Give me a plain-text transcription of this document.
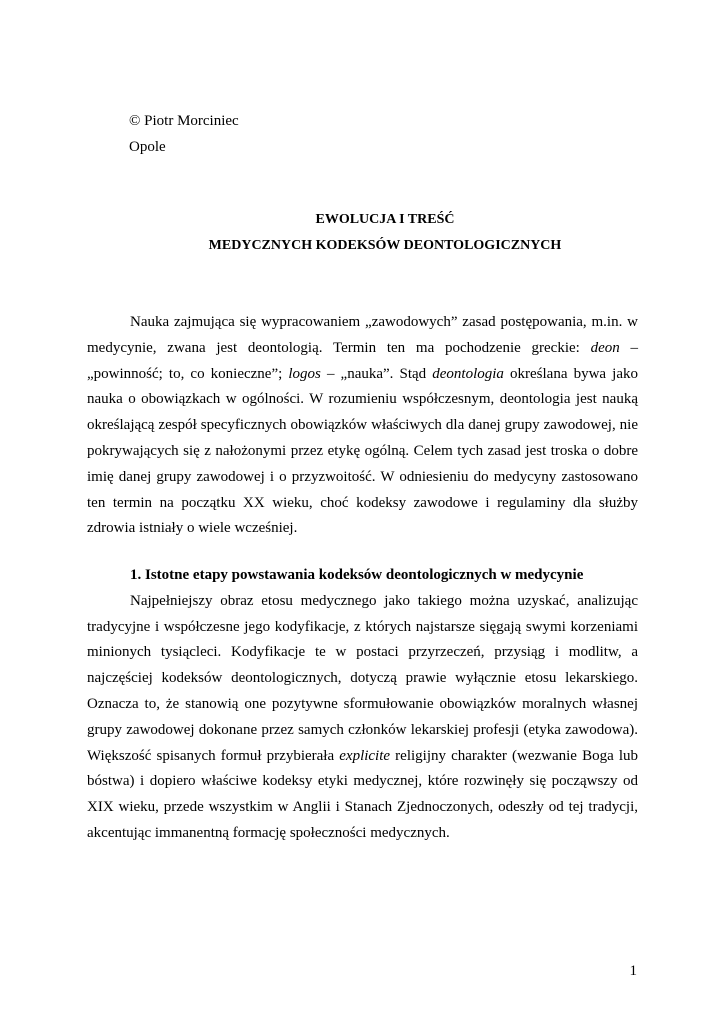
© Piotr Morciniec
Opole
EWOLUCJA I TREŚĆ
MEDYCZNYCH KODEKSÓW DEONTOLOGICZNYCH

Nauka zajmująca się wypracowaniem „zawodowych” zasad postępowania, m.in. w medycynie, zwana jest deontologią. Termin ten ma pochodzenie greckie: deon – „powinność; to, co konieczne”; logos – „nauka”. Stąd deontologia określana bywa jako nauka o obowiązkach w ogólności. W rozumieniu współczesnym, deontologia jest nauką określającą zespół specyficznych obowiązków właściwych dla danej grupy zawodowej, nie pokrywających się z nałożonymi przez etykę ogólną. Celem tych zasad jest troska o dobre imię danej grupy zawodowej i o przyzwoitość. W odniesieniu do medycyny zastosowano ten termin na początku XX wieku, choć kodeksy zawodowe i regulaminy dla służby zdrowia istniały o wiele wcześniej.

1. Istotne etapy powstawania kodeksów deontologicznych w medycynie

Najpełniejszy obraz etosu medycznego jako takiego można uzyskać, analizując tradycyjne i współczesne jego kodyfikacje, z których najstarsze sięgają swymi korzeniami minionych tysiącleci. Kodyfikacje te w postaci przyrzeczeń, przysiąg i modlitw, a najczęściej kodeksów deontologicznych, dotyczą prawie wyłącznie etosu lekarskiego. Oznacza to, że stanowią one pozytywne sformułowanie obowiązków moralnych własnej grupy zawodowej dokonane przez samych członków lekarskiej profesji (etyka zawodowa). Większość spisanych formuł przybierała explicite religijny charakter (wezwanie Boga lub bóstwa) i dopiero właściwe kodeksy etyki medycznej, które rozwinęły się począwszy od XIX wieku, przede wszystkim w Anglii i Stanach Zjednoczonych, odeszły od tej tradycji, akcentując immanentną formację społeczności medycznych.

1
